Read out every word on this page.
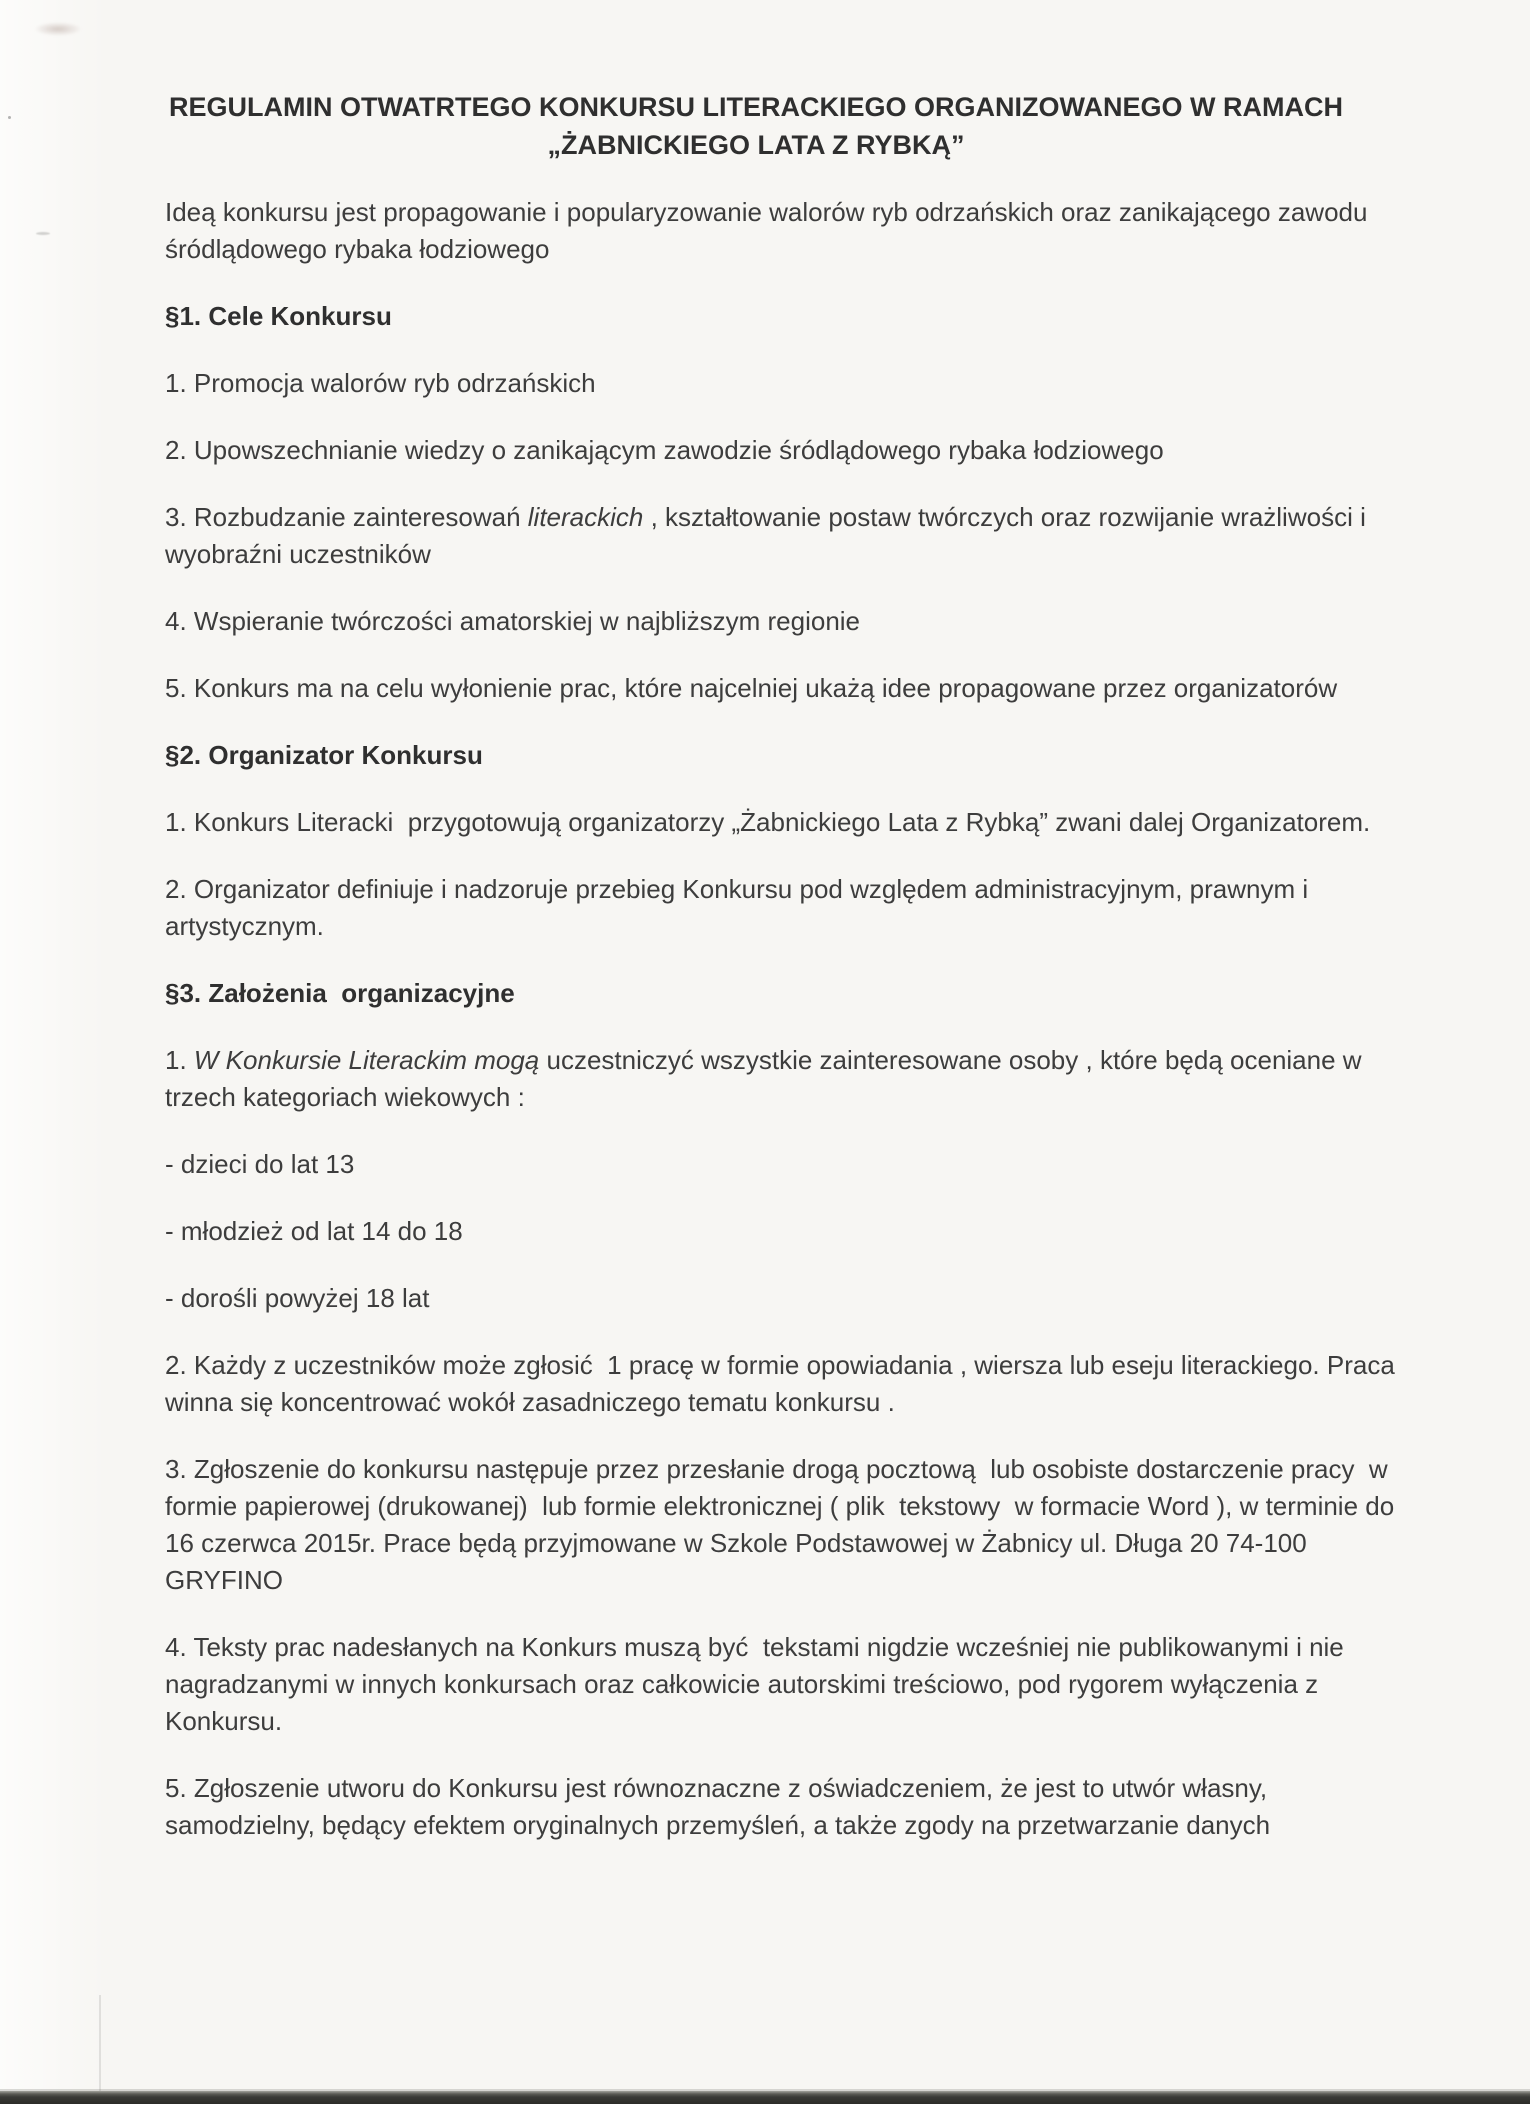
REGULAMIN OTWATRTEGO KONKURSU LITERACKIEGO ORGANIZOWANEGO W RAMACH
„ŻABNICKIEGO LATA Z RYBKĄ”

Ideą konkursu jest propagowanie i popularyzowanie walorów ryb odrzańskich oraz zanikającego zawodu śródlądowego rybaka łodziowego

§1. Cele Konkursu

1. Promocja walorów ryb odrzańskich

2. Upowszechnianie wiedzy o zanikającym zawodzie śródlądowego rybaka łodziowego

3. Rozbudzanie zainteresowań literackich , kształtowanie postaw twórczych oraz rozwijanie wrażliwości i wyobraźni uczestników

4. Wspieranie twórczości amatorskiej w najbliższym regionie

5. Konkurs ma na celu wyłonienie prac, które najcelniej ukażą idee propagowane przez organizatorów

§2. Organizator Konkursu

1. Konkurs Literacki  przygotowują organizatorzy „Żabnickiego Lata z Rybką” zwani dalej Organizatorem.

2. Organizator definiuje i nadzoruje przebieg Konkursu pod względem administracyjnym, prawnym i artystycznym.

§3. Założenia  organizacyjne

1. W Konkursie Literackim mogą uczestniczyć wszystkie zainteresowane osoby , które będą oceniane w trzech kategoriach wiekowych :

- dzieci do lat 13

- młodzież od lat 14 do 18

- dorośli powyżej 18 lat

2. Każdy z uczestników może zgłosić  1 pracę w formie opowiadania , wiersza lub eseju literackiego. Praca winna się koncentrować wokół zasadniczego tematu konkursu .

3. Zgłoszenie do konkursu następuje przez przesłanie drogą pocztową  lub osobiste dostarczenie pracy  w formie papierowej (drukowanej)  lub formie elektronicznej ( plik  tekstowy  w formacie Word ), w terminie do 16 czerwca 2015r. Prace będą przyjmowane w Szkole Podstawowej w Żabnicy ul. Długa 20 74-100 GRYFINO

4. Teksty prac nadesłanych na Konkurs muszą być  tekstami nigdzie wcześniej nie publikowanymi i nie nagradzanymi w innych konkursach oraz całkowicie autorskimi treściowo, pod rygorem wyłączenia z Konkursu.

5. Zgłoszenie utworu do Konkursu jest równoznaczne z oświadczeniem, że jest to utwór własny, samodzielny, będący efektem oryginalnych przemyśleń, a także zgody na przetwarzanie danych
